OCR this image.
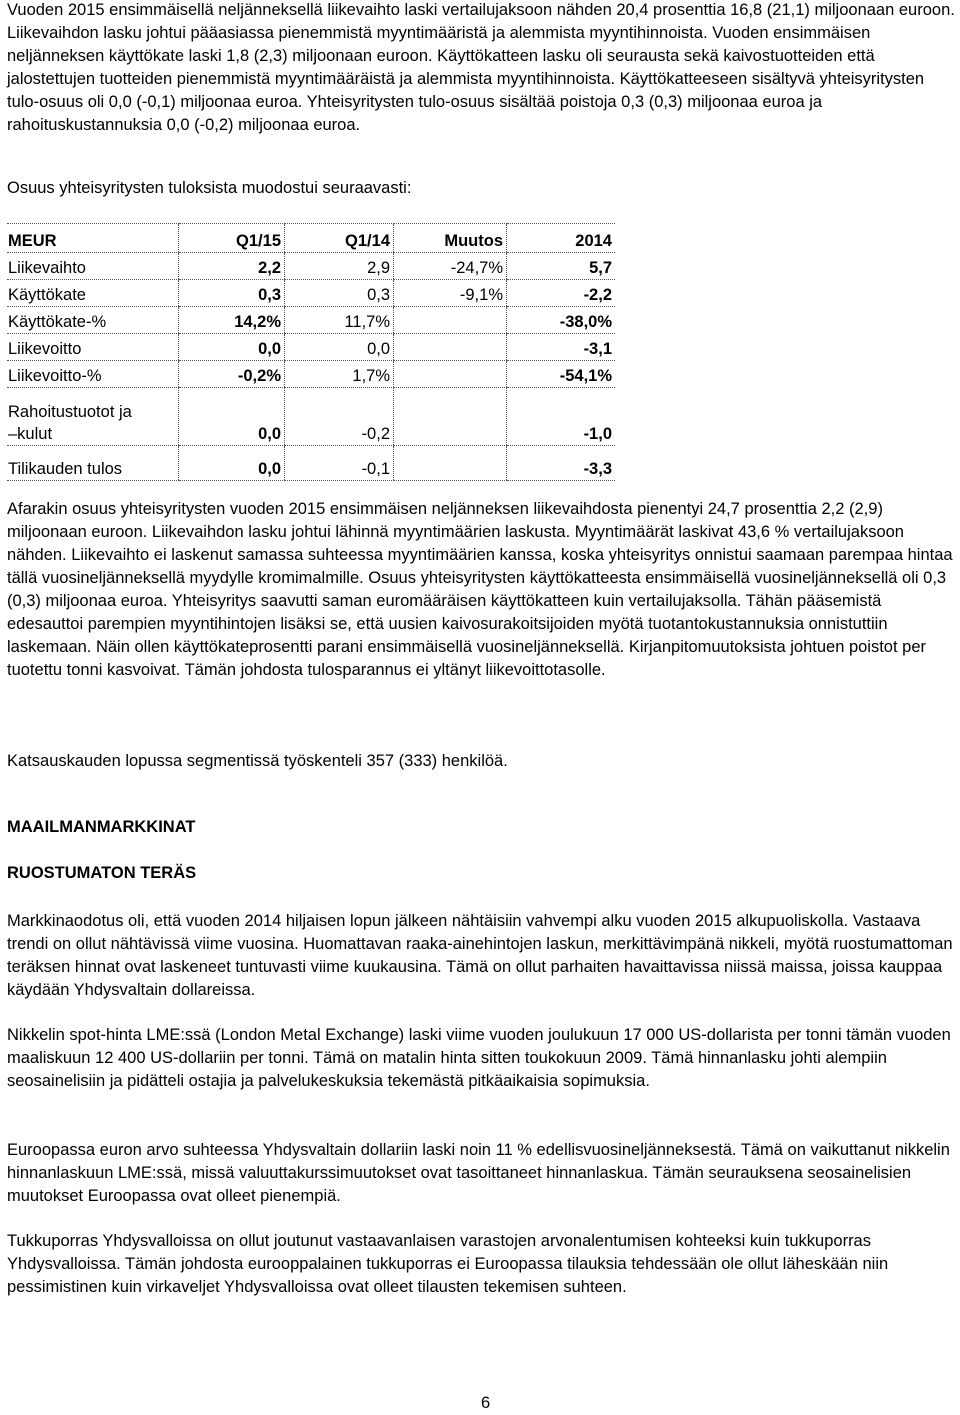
Vuoden 2015 ensimmäisellä neljänneksellä liikevaihto laski vertailujaksoon nähden 20,4 prosenttia 16,8 (21,1) miljoonaan euroon. Liikevaihdon lasku johtui pääasiassa pienemmistä myyntimääristä ja alemmista myyntihinnoista. Vuoden ensimmäisen neljänneksen käyttökate laski 1,8 (2,3) miljoonaan euroon. Käyttökatteen lasku oli seurausta sekä kaivostuotteiden että jalostettujen tuotteiden pienemmistä myyntimääräistä ja alemmista myyntihinnoista. Käyttökatteeseen sisältyvä yhteisyritysten tulo-osuus oli 0,0 (-0,1) miljoonaa euroa. Yhteisyritysten tulo-osuus sisältää poistoja 0,3 (0,3) miljoonaa euroa ja rahoituskustannuksia 0,0 (-0,2) miljoonaa euroa.

Osuus yhteisyritysten tuloksista muodostui seuraavasti:

MEUR	Q1/15	Q1/14	Muutos	2014
Liikevaihto	2,2	2,9	-24,7%	5,7
Käyttökate	0,3	0,3	-9,1%	-2,2
Käyttökate-%	14,2%	11,7%		-38,0%
Liikevoitto	0,0	0,0		-3,1
Liikevoitto-%	-0,2%	1,7%		-54,1%
Rahoitustuotot ja
–kulut	0,0	-0,2		-1,0
Tilikauden tulos	0,0	-0,1		-3,3

Afarakin osuus yhteisyritysten vuoden 2015 ensimmäisen neljänneksen liikevaihdosta pienentyi 24,7 prosenttia 2,2 (2,9) miljoonaan euroon. Liikevaihdon lasku johtui lähinnä myyntimäärien laskusta. Myyntimäärät laskivat 43,6 % vertailujaksoon nähden. Liikevaihto ei laskenut samassa suhteessa myyntimäärien kanssa, koska yhteisyritys onnistui saamaan parempaa hintaa tällä vuosineljänneksellä myydylle kromimalmille. Osuus yhteisyritysten käyttökatteesta ensimmäisellä vuosineljänneksellä oli 0,3 (0,3) miljoonaa euroa. Yhteisyritys saavutti saman euromääräisen käyttökatteen kuin vertailujaksolla. Tähän pääsemistä edesauttoi parempien myyntihintojen lisäksi se, että uusien kaivosurakoitsijoiden myötä tuotantokustannuksia onnistuttiin laskemaan. Näin ollen käyttökateprosentti parani ensimmäisellä vuosineljänneksellä. Kirjanpitomuutoksista johtuen poistot per tuotettu tonni kasvoivat. Tämän johdosta tulosparannus ei yltänyt liikevoittotasolle.

Katsauskauden lopussa segmentissä työskenteli 357 (333) henkilöä.

MAAILMANMARKKINAT
RUOSTUMATON TERÄS

Markkinaodotus oli, että vuoden 2014 hiljaisen lopun jälkeen nähtäisiin vahvempi alku vuoden 2015 alkupuoliskolla. Vastaava trendi on ollut nähtävissä viime vuosina. Huomattavan raaka-ainehintojen laskun, merkittävimpänä nikkeli, myötä ruostumattoman teräksen hinnat ovat laskeneet tuntuvasti viime kuukausina. Tämä on ollut parhaiten havaittavissa niissä maissa, joissa kauppaa käydään Yhdysvaltain dollareissa.

Nikkelin spot-hinta LME:ssä (London Metal Exchange) laski viime vuoden joulukuun 17 000 US-dollarista per tonni tämän vuoden maaliskuun 12 400 US-dollariin per tonni. Tämä on matalin hinta sitten toukokuun 2009. Tämä hinnanlasku johti alempiin seosainelisiin ja pidätteli ostajia ja palvelukeskuksia tekemästä pitkäaikaisia sopimuksia.

Euroopassa euron arvo suhteessa Yhdysvaltain dollariin laski noin 11 % edellisvuosineljänneksestä. Tämä on vaikuttanut nikkelin hinnanlaskuun LME:ssä, missä valuuttakurssimuutokset ovat tasoittaneet hinnanlaskua. Tämän seurauksena seosainelisien muutokset Euroopassa ovat olleet pienempiä.

Tukkuporras Yhdysvalloissa on ollut joutunut vastaavanlaisen varastojen arvonalentumisen kohteeksi kuin tukkuporras Yhdysvalloissa. Tämän johdosta eurooppalainen tukkuporras ei Euroopassa tilauksia tehdessään ole ollut läheskään niin pessimistinen kuin virkaveljet Yhdysvalloissa ovat olleet tilausten tekemisen suhteen.

6
